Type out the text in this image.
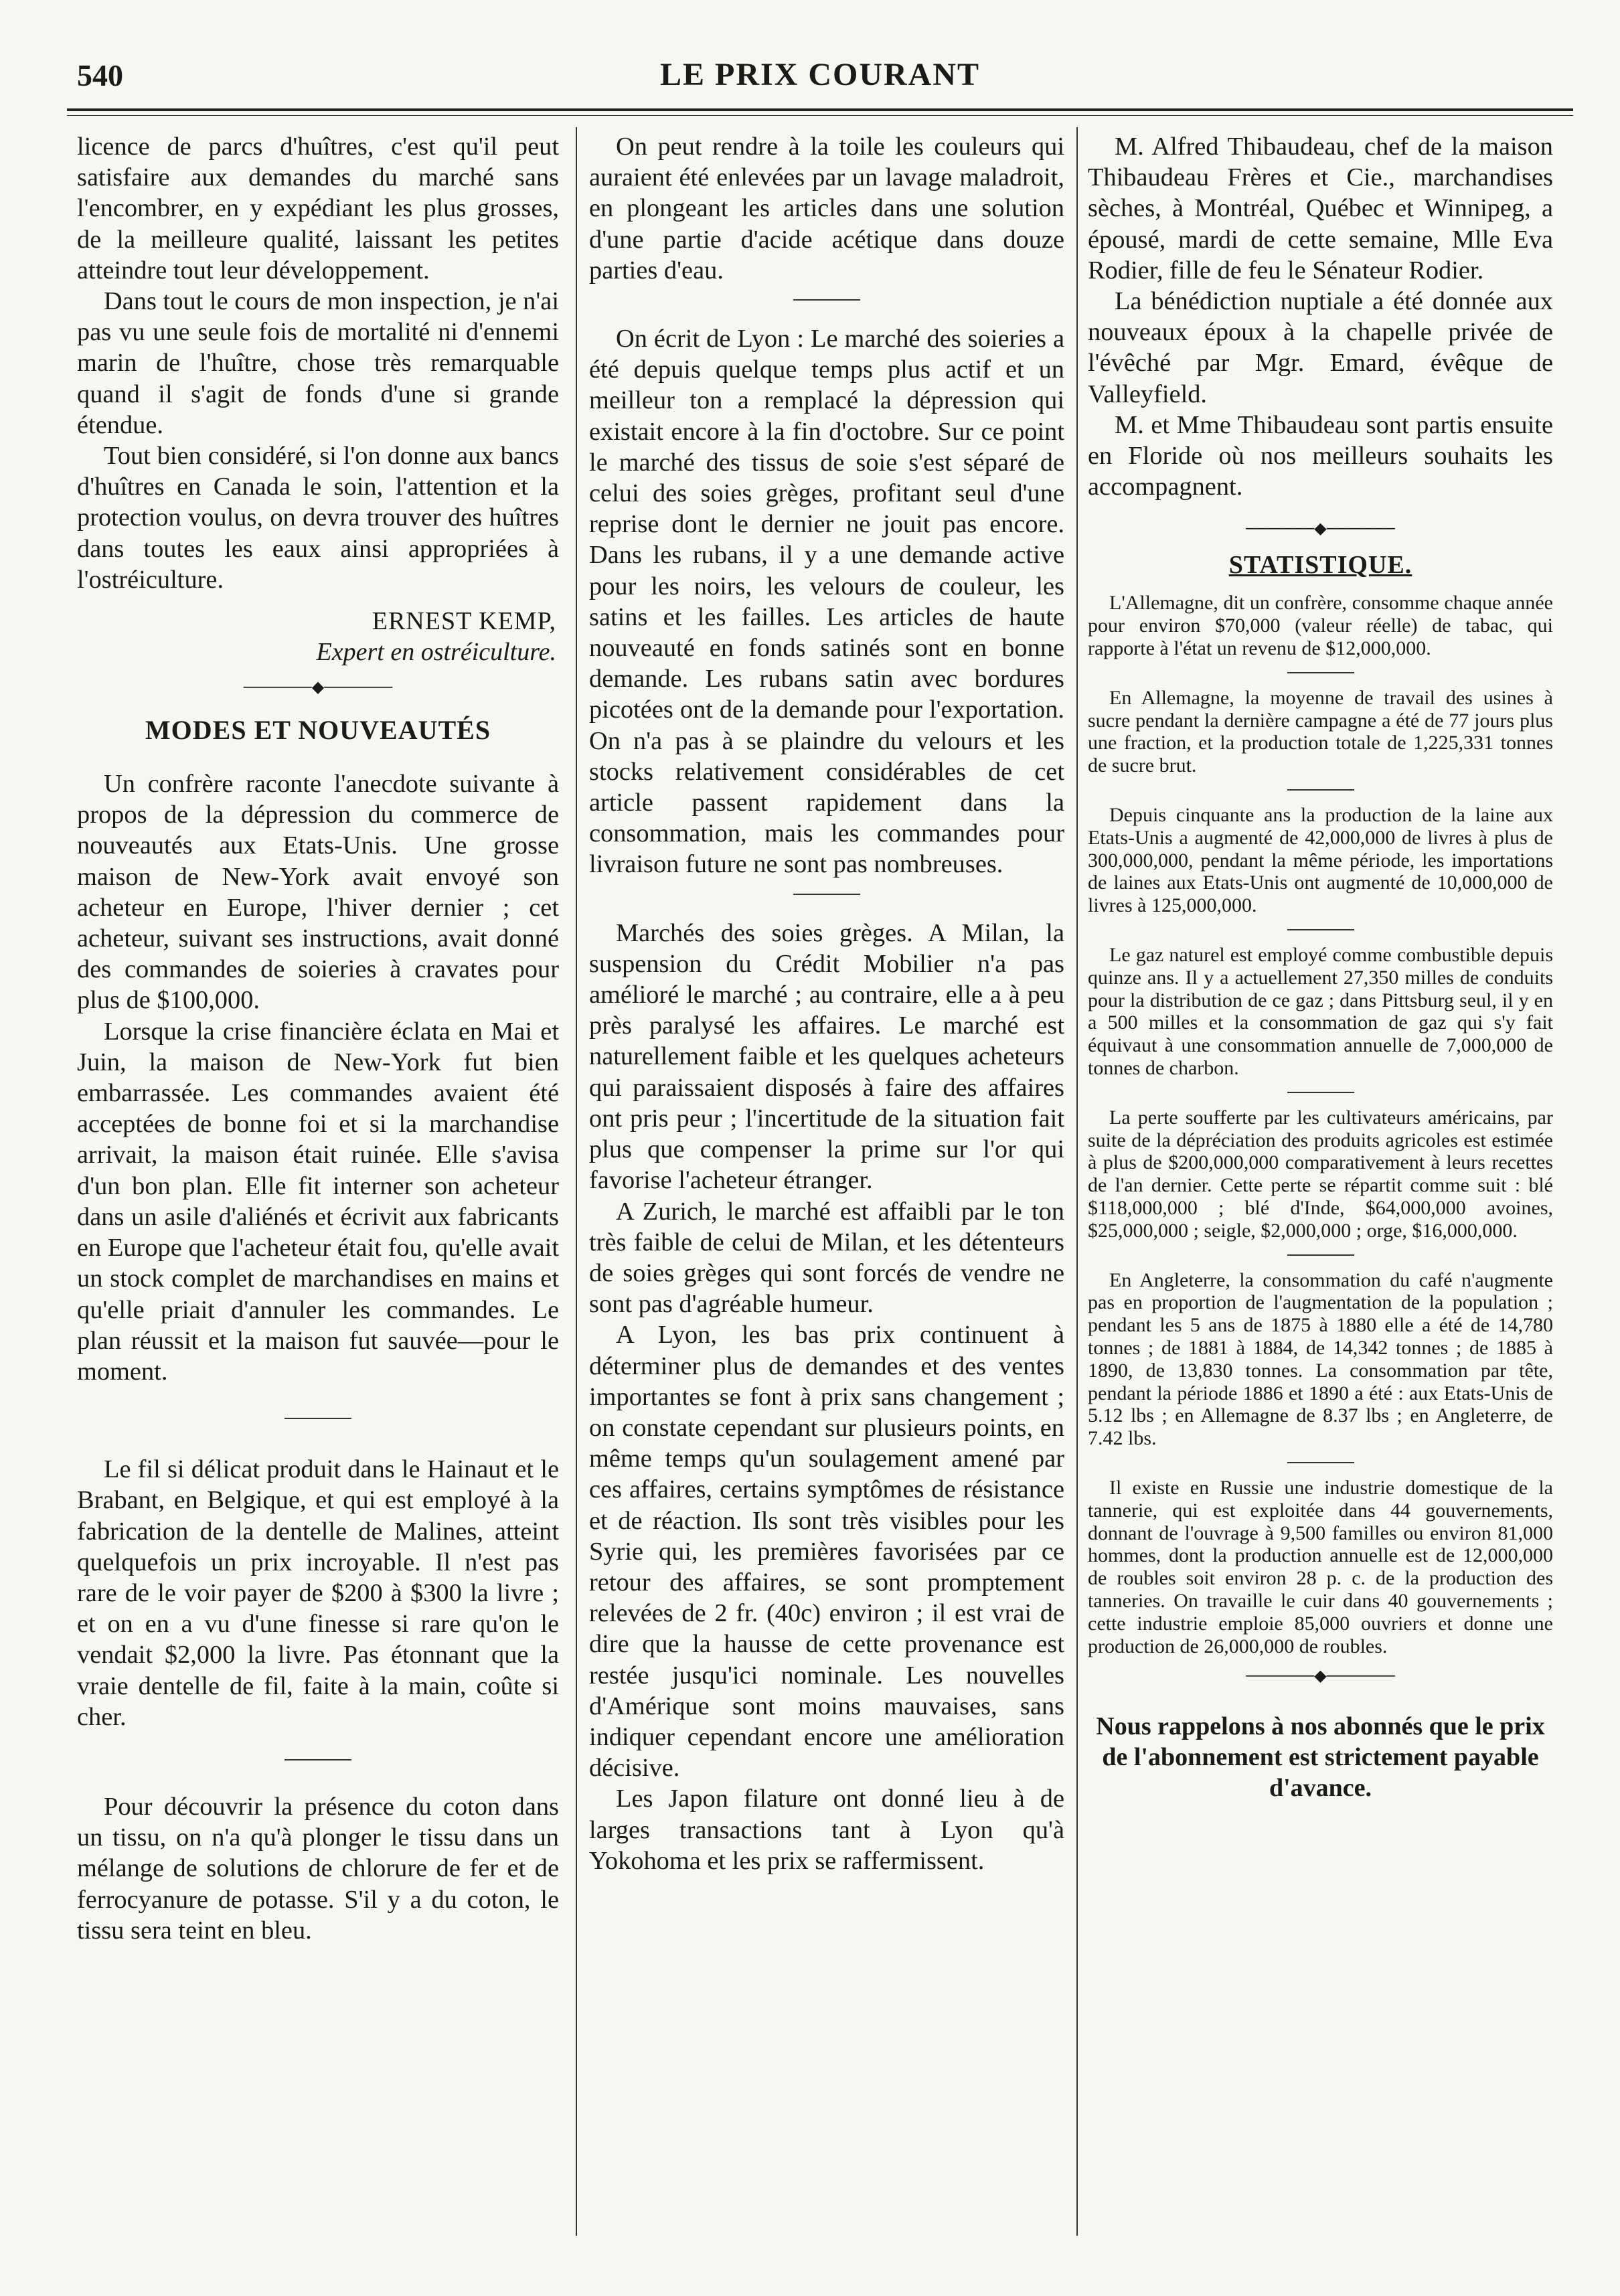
540	LE PRIX COURANT

licence de parcs d'huîtres, c'est qu'il peut satisfaire aux demandes du marché sans l'encombrer, en y expédiant les plus grosses, de la meilleure qualité, laissant les petites atteindre tout leur développement.

Dans tout le cours de mon inspection, je n'ai pas vu une seule fois de mortalité ni d'ennemi marin de l'huître, chose très remarquable quand il s'agit de fonds d'une si grande étendue.

Tout bien considéré, si l'on donne aux bancs d'huîtres en Canada le soin, l'attention et la protection voulus, on devra trouver des huîtres dans toutes les eaux ainsi appropriées à l'ostréiculture.

ERNEST KEMP,
Expert en ostréiculture.
──────◆──────
MODES ET NOUVEAUTÉS

Un confrère raconte l'anecdote suivante à propos de la dépression du commerce de nouveautés aux Etats-Unis. Une grosse maison de New-York avait envoyé son acheteur en Europe, l'hiver dernier ; cet acheteur, suivant ses instructions, avait donné des commandes de soieries à cravates pour plus de $100,000.

Lorsque la crise financière éclata en Mai et Juin, la maison de New-York fut bien embarrassée. Les commandes avaient été acceptées de bonne foi et si la marchandise arrivait, la maison était ruinée. Elle s'avisa d'un bon plan. Elle fit interner son acheteur dans un asile d'aliénés et écrivit aux fabricants en Europe que l'acheteur était fou, qu'elle avait un stock complet de marchandises en mains et qu'elle priait d'annuler les commandes. Le plan réussit et la maison fut sauvée—pour le moment.

Le fil si délicat produit dans le Hainaut et le Brabant, en Belgique, et qui est employé à la fabrication de la dentelle de Malines, atteint quelquefois un prix incroyable. Il n'est pas rare de le voir payer de $200 à $300 la livre ; et on en a vu d'une finesse si rare qu'on le vendait $2,000 la livre. Pas étonnant que la vraie dentelle de fil, faite à la main, coûte si cher.

Pour découvrir la présence du coton dans un tissu, on n'a qu'à plonger le tissu dans un mélange de solutions de chlorure de fer et de ferrocyanure de potasse. S'il y a du coton, le tissu sera teint en bleu.

On peut rendre à la toile les couleurs qui auraient été enlevées par un lavage maladroit, en plongeant les articles dans une solution d'une partie d'acide acétique dans douze parties d'eau.

On écrit de Lyon : Le marché des soieries a été depuis quelque temps plus actif et un meilleur ton a remplacé la dépression qui existait encore à la fin d'octobre. Sur ce point le marché des tissus de soie s'est séparé de celui des soies grèges, profitant seul d'une reprise dont le dernier ne jouit pas encore. Dans les rubans, il y a une demande active pour les noirs, les velours de couleur, les satins et les failles. Les articles de haute nouveauté en fonds satinés sont en bonne demande. Les rubans satin avec bordures picotées ont de la demande pour l'exportation. On n'a pas à se plaindre du velours et les stocks relativement considérables de cet article passent rapidement dans la consommation, mais les commandes pour livraison future ne sont pas nombreuses.

Marchés des soies grèges. A Milan, la suspension du Crédit Mobilier n'a pas amélioré le marché ; au contraire, elle a à peu près paralysé les affaires. Le marché est naturellement faible et les quelques acheteurs qui paraissaient disposés à faire des affaires ont pris peur ; l'incertitude de la situation fait plus que compenser la prime sur l'or qui favorise l'acheteur étranger.

A Zurich, le marché est affaibli par le ton très faible de celui de Milan, et les détenteurs de soies grèges qui sont forcés de vendre ne sont pas d'agréable humeur.

A Lyon, les bas prix continuent à déterminer plus de demandes et des ventes importantes se font à prix sans changement ; on constate cependant sur plusieurs points, en même temps qu'un soulagement amené par ces affaires, certains symptômes de résistance et de réaction. Ils sont très visibles pour les Syrie qui, les premières favorisées par ce retour des affaires, se sont promptement relevées de 2 fr. (40c) environ ; il est vrai de dire que la hausse de cette provenance est restée jusqu'ici nominale. Les nouvelles d'Amérique sont moins mauvaises, sans indiquer cependant encore une amélioration décisive.

Les Japon filature ont donné lieu à de larges transactions tant à Lyon qu'à Yokohoma et les prix se raffermissent.

M. Alfred Thibaudeau, chef de la maison Thibaudeau Frères et Cie., marchandises sèches, à Montréal, Québec et Winnipeg, a épousé, mardi de cette semaine, Mlle Eva Rodier, fille de feu le Sénateur Rodier.

La bénédiction nuptiale a été donnée aux nouveaux époux à la chapelle privée de l'évêché par Mgr. Emard, évêque de Valleyfield.

M. et Mme Thibaudeau sont partis ensuite en Floride où nos meilleurs souhaits les accompagnent.

──────◆──────
STATISTIQUE.

L'Allemagne, dit un confrère, consomme chaque année pour environ $70,000 (valeur réelle) de tabac, qui rapporte à l'état un revenu de $12,000,000.

En Allemagne, la moyenne de travail des usines à sucre pendant la dernière campagne a été de 77 jours plus une fraction, et la production totale de 1,225,331 tonnes de sucre brut.

Depuis cinquante ans la production de la laine aux Etats-Unis a augmenté de 42,000,000 de livres à plus de 300,000,000, pendant la même période, les importations de laines aux Etats-Unis ont augmenté de 10,000,000 de livres à 125,000,000.

Le gaz naturel est employé comme combustible depuis quinze ans. Il y a actuellement 27,350 milles de conduits pour la distribution de ce gaz ; dans Pittsburg seul, il y en a 500 milles et la consommation de gaz qui s'y fait équivaut à une consommation annuelle de 7,000,000 de tonnes de charbon.

La perte soufferte par les cultivateurs américains, par suite de la dépréciation des produits agricoles est estimée à plus de $200,000,000 comparativement à leurs recettes de l'an dernier. Cette perte se répartit comme suit : blé $118,000,000 ; blé d'Inde, $64,000,000 avoines, $25,000,000 ; seigle, $2,000,000 ; orge, $16,000,000.

En Angleterre, la consommation du café n'augmente pas en proportion de l'augmentation de la population ; pendant les 5 ans de 1875 à 1880 elle a été de 14,780 tonnes ; de 1881 à 1884, de 14,342 tonnes ; de 1885 à 1890, de 13,830 tonnes. La consommation par tête, pendant la période 1886 et 1890 a été : aux Etats-Unis de 5.12 lbs ; en Allemagne de 8.37 lbs ; en Angleterre, de 7.42 lbs.

Il existe en Russie une industrie domestique de la tannerie, qui est exploitée dans 44 gouvernements, donnant de l'ouvrage à 9,500 familles ou environ 81,000 hommes, dont la production annuelle est de 12,000,000 de roubles soit environ 28 p. c. de la production des tanneries. On travaille le cuir dans 40 gouvernements ; cette industrie emploie 85,000 ouvriers et donne une production de 26,000,000 de roubles.

──────◆──────
Nous rappelons à nos abonnés que le prix de l'abonnement est strictement payable d'avance.
